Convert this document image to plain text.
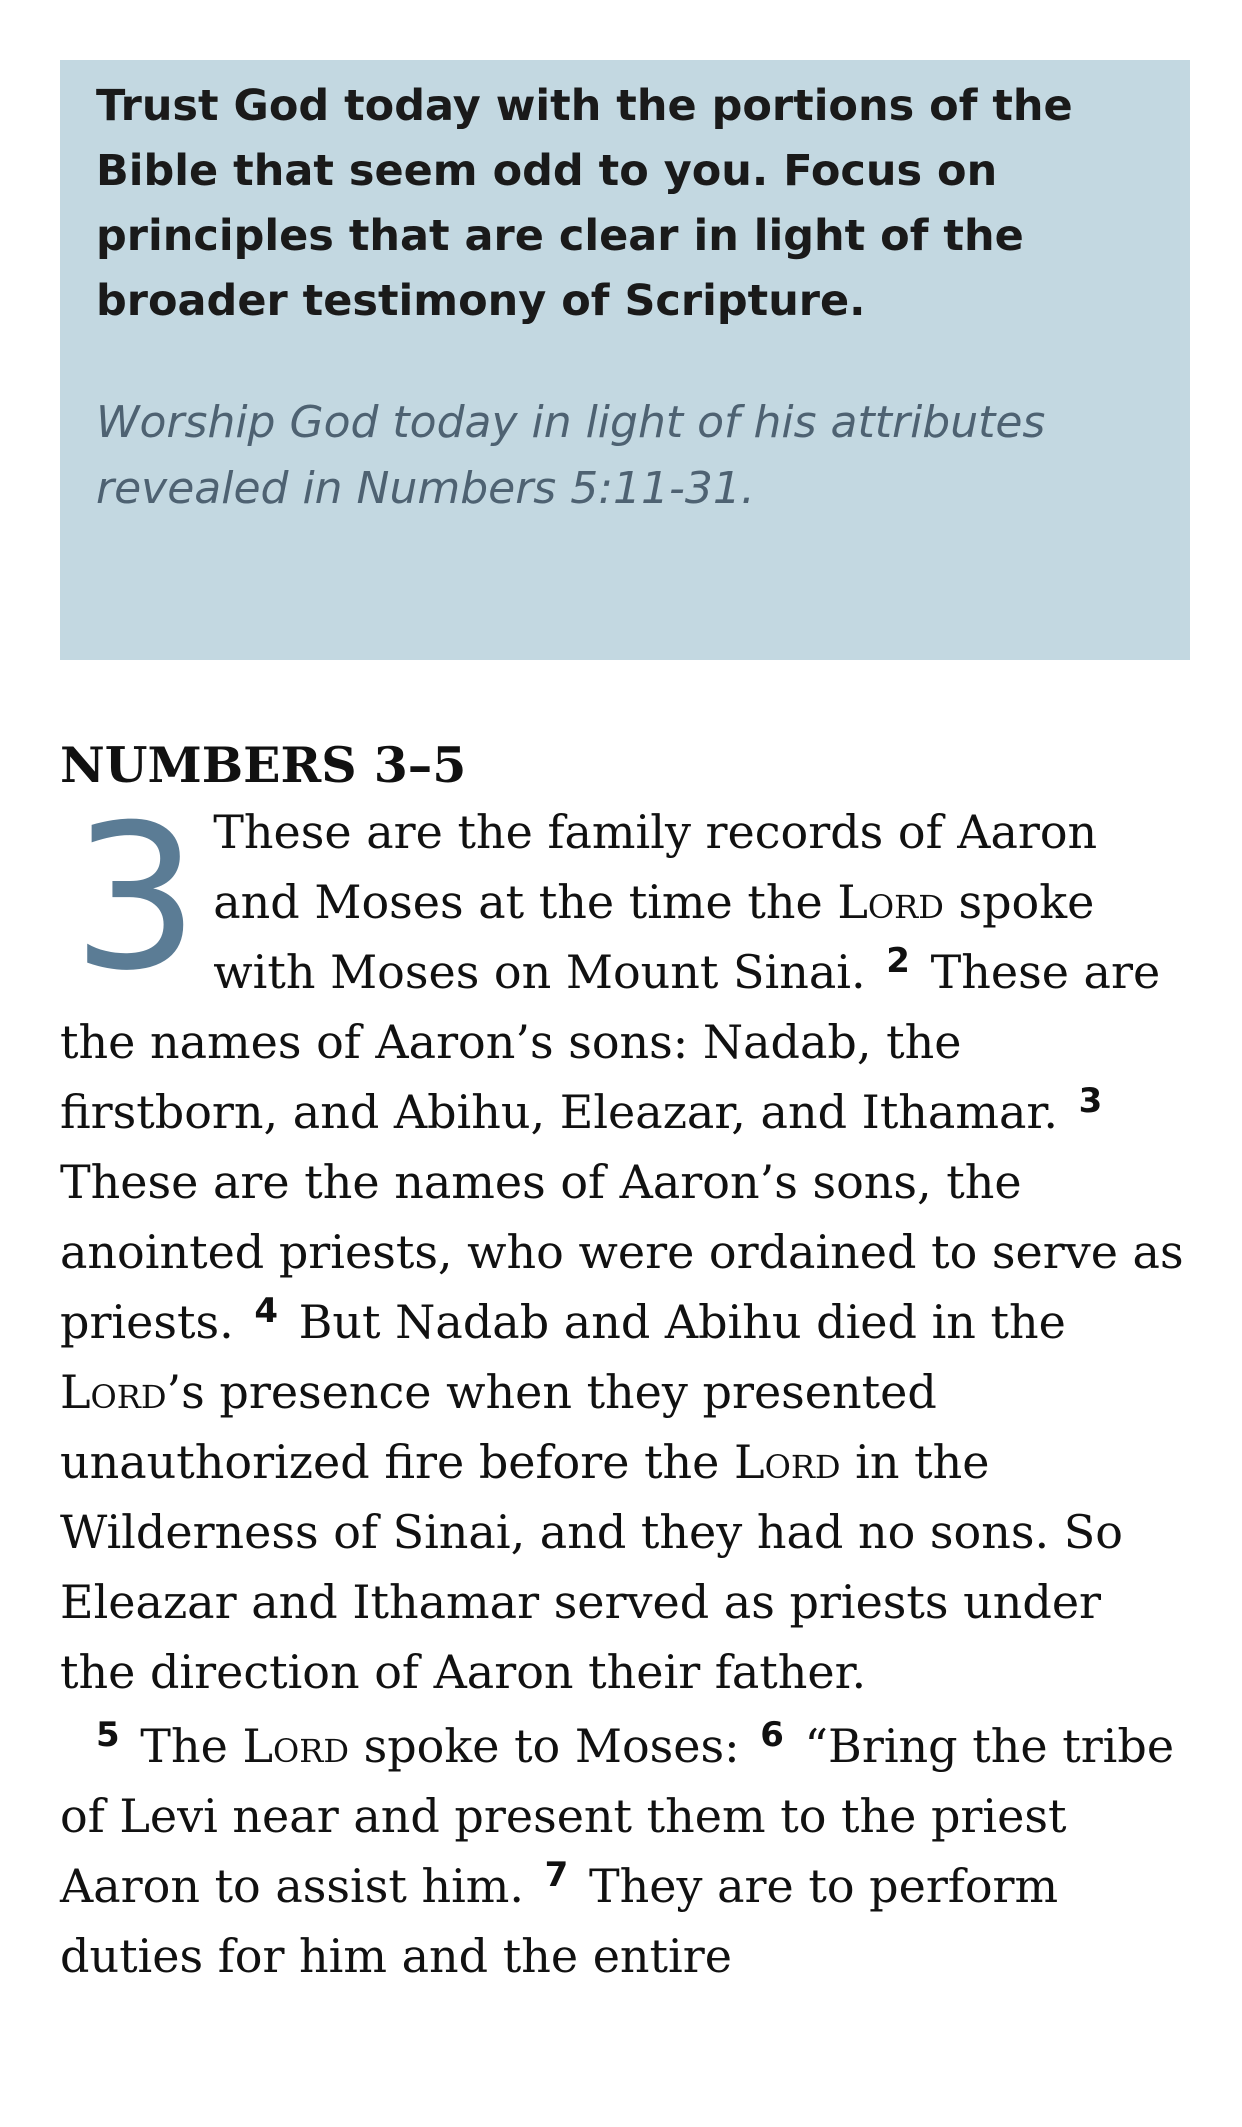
Trust God today with the portions of the Bible that seem odd to you. Focus on principles that are clear in light of the broader testimony of Scripture.

Worship God today in light of his attributes revealed in Numbers 5:11-31.

NUMBERS 3–5

3 These are the family records of Aaron and Moses at the time the Lord spoke with Moses on Mount Sinai. $^2$ These are the names of Aaron’s sons: Nadab, the firstborn, and Abihu, Eleazar, and Ithamar. $^3$ These are the names of Aaron’s sons, the anointed priests, who were ordained to serve as priests. $^4$ But Nadab and Abihu died in the Lord’s presence when they presented unauthorized fire before the Lord in the Wilderness of Sinai, and they had no sons. So Eleazar and Ithamar served as priests under the direction of Aaron their father.

$^5$ The Lord spoke to Moses: $^6$ “Bring the tribe of Levi near and present them to the priest Aaron to assist him. $^7$ They are to perform duties for him and the entire
